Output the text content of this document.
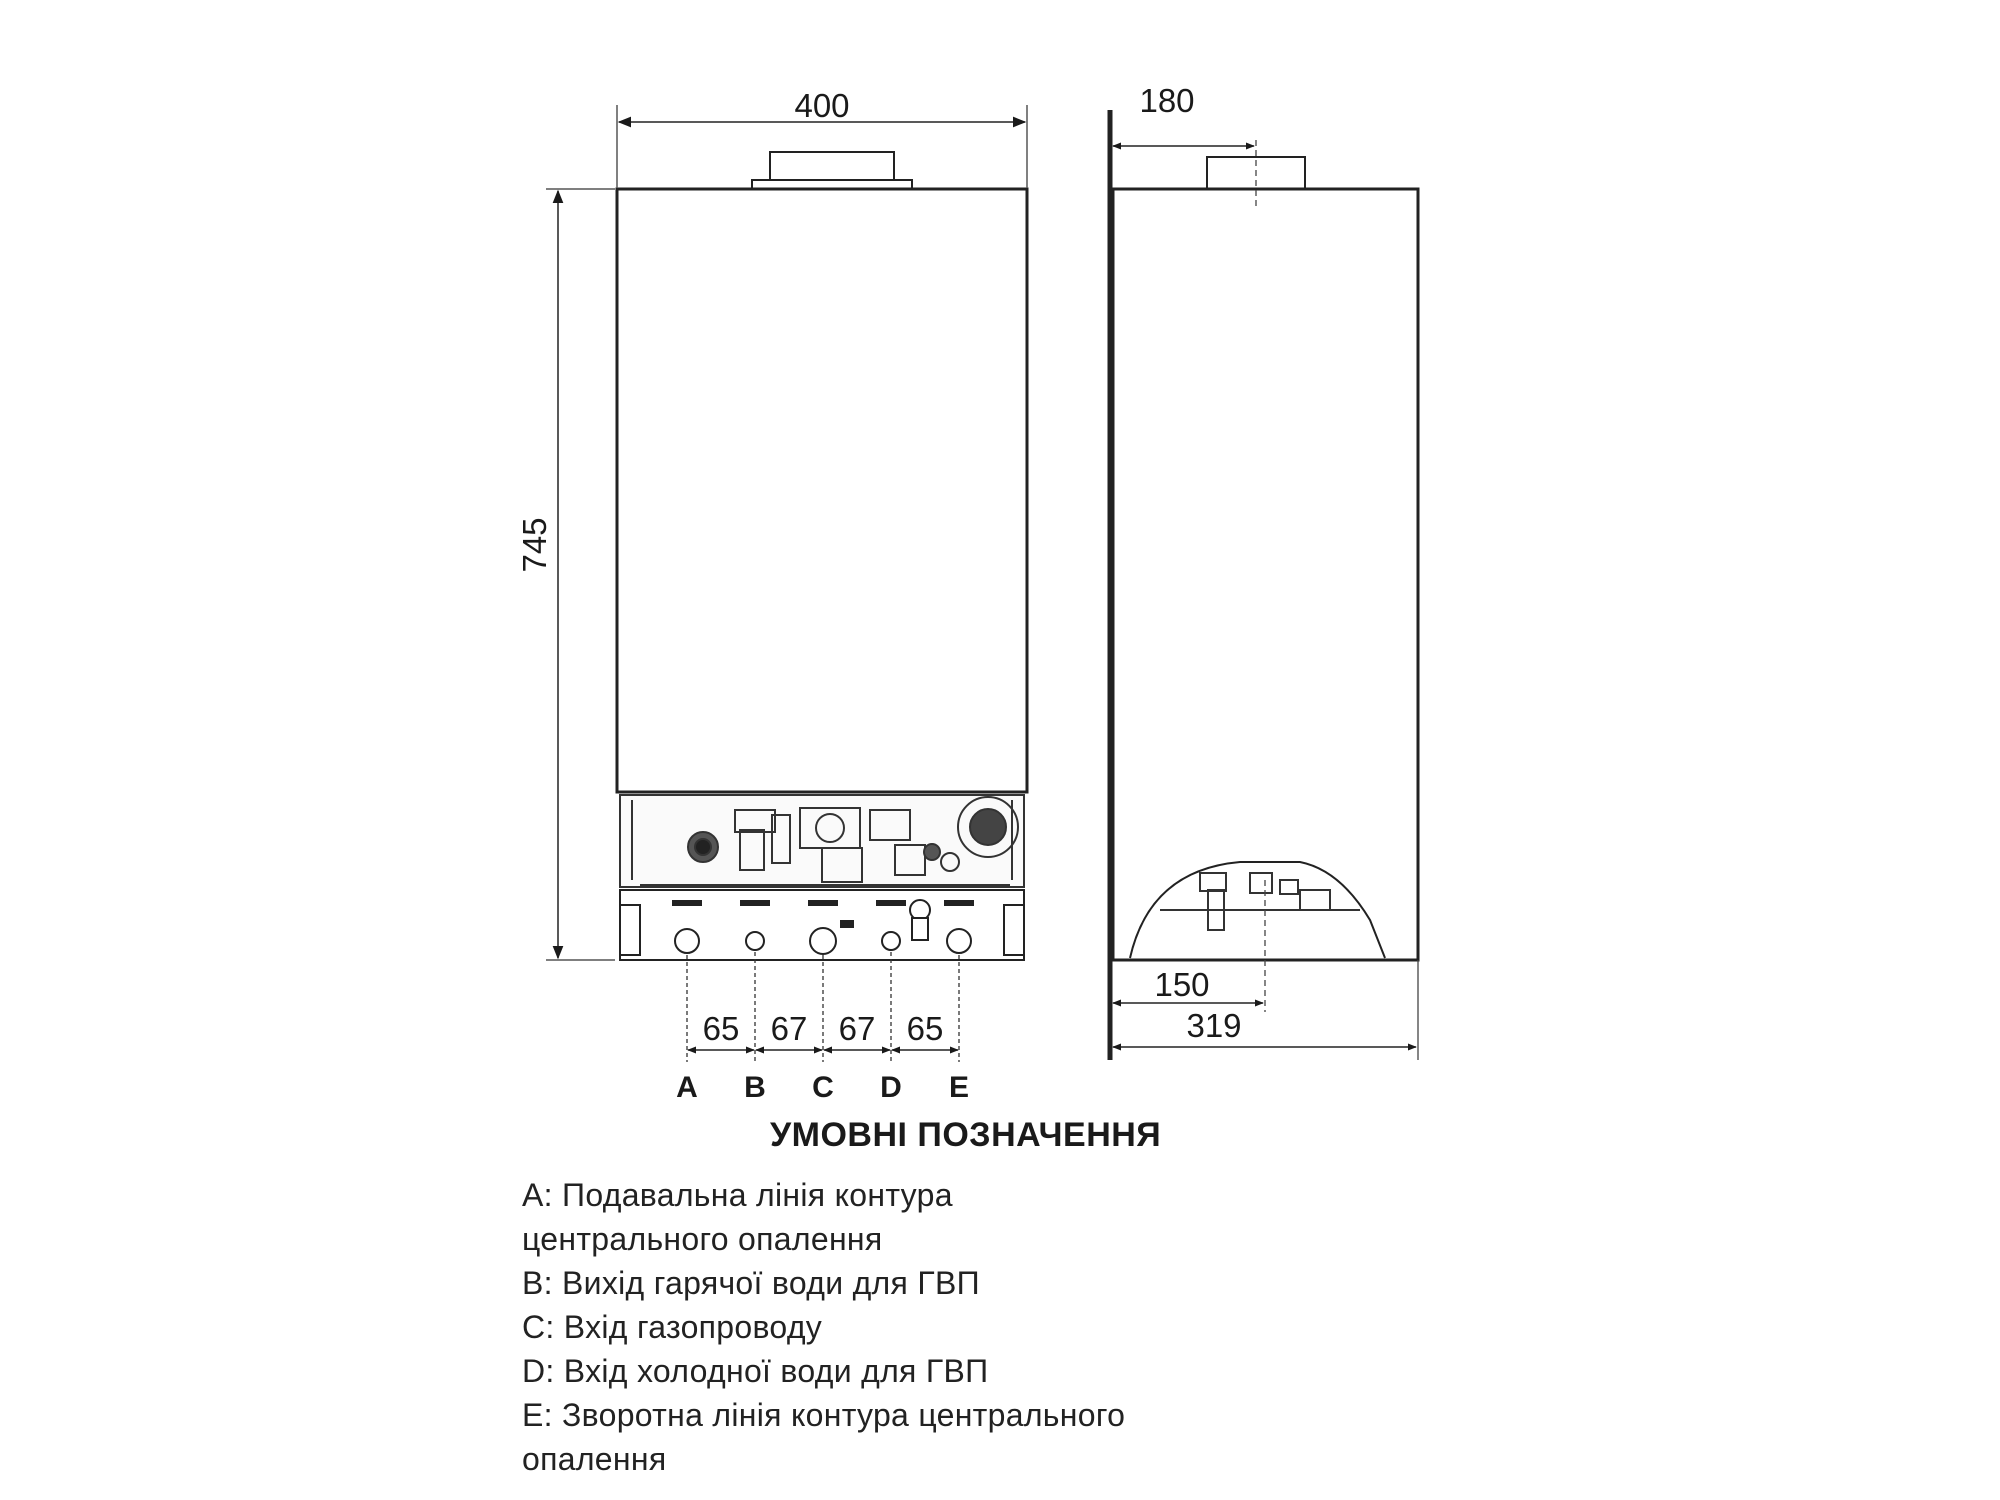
400
745
65 67 67 65
A B C D E
180
150
319
УМОВНІ ПОЗНАЧЕННЯ

A: Подавальна лінія контура

центрального опалення

B: Вихід гарячої води для ГВП

C: Вхід газопроводу

D: Вхід холодної води для ГВП

E: Зворотна лінія контура центрального

опалення
